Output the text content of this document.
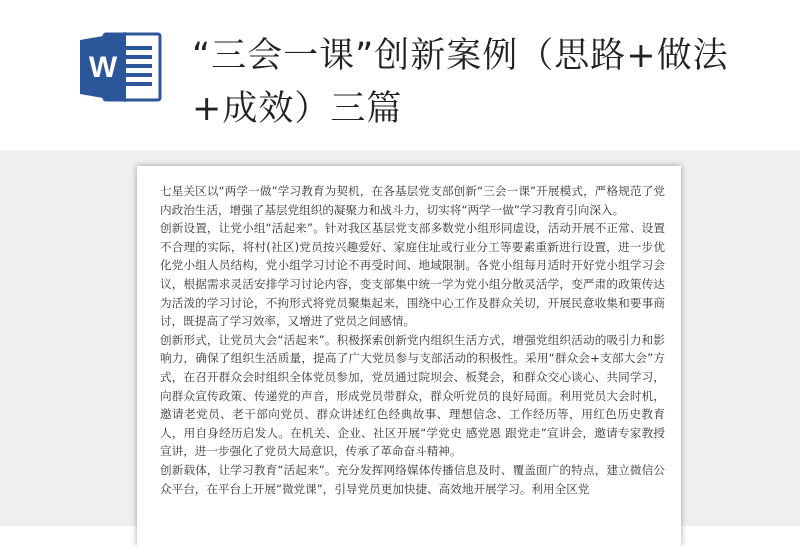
W “三会一课”创新案例（思路+做法+成效）三篇

七星关区以“两学一做”学习教育为契机，在各基层党支部创新“三会一课”开展模式，严格规范了党内政治生活，增强了基层党组织的凝聚力和战斗力，切实将“两学一做”学习教育引向深入。

创新设置，让党小组“活起来”。针对我区基层党支部多数党小组形同虚设，活动开展不正常、设置不合理的实际，将村(社区)党员按兴趣爱好、家庭住址或行业分工等要素重新进行设置，进一步优化党小组人员结构，党小组学习讨论不再受时间、地域限制。各党小组每月适时开好党小组学习会议，根据需求灵活安排学习讨论内容，变支部集中统一学为党小组分散灵活学，变严肃的政策传达为活泼的学习讨论，不拘形式将党员聚集起来，围绕中心工作及群众关切，开展民意收集和要事商讨，既提高了学习效率，又增进了党员之间感情。

创新形式，让党员大会“活起来”。积极探索创新党内组织生活方式，增强党组织活动的吸引力和影响力，确保了组织生活质量，提高了广大党员参与支部活动的积极性。采用“群众会+支部大会”方式，在召开群众会时组织全体党员参加，党员通过院坝会、板凳会，和群众交心谈心、共同学习，向群众宣传政策、传递党的声音，形成党员带群众，群众听党员的良好局面。利用党员大会时机，邀请老党员、老干部向党员、群众讲述红色经典故事、理想信念、工作经历等，用红色历史教育人，用自身经历启发人。在机关、企业、社区开展“学党史 感党恩 跟党走”宣讲会，邀请专家教授宣讲，进一步强化了党员大局意识，传承了革命奋斗精神。

创新载体，让学习教育“活起来”。充分发挥网络媒体传播信息及时、覆盖面广的特点，建立微信公众平台，在平台上开展“微党课”，引导党员更加快捷、高效地开展学习。利用全区党
